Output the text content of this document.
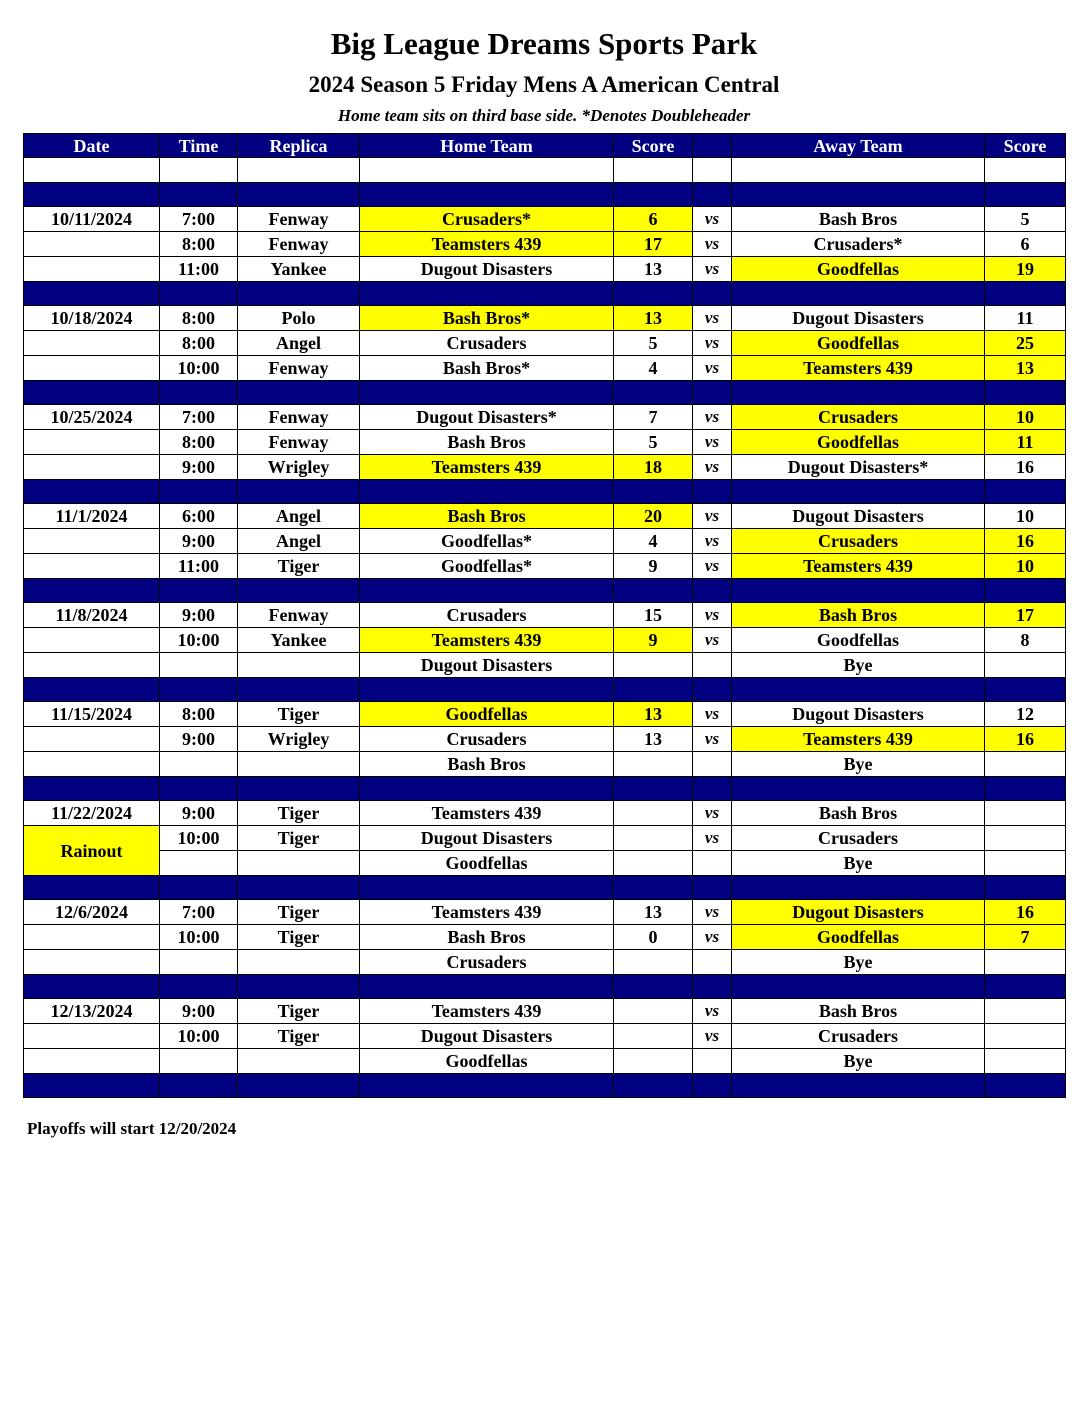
Big League Dreams Sports Park
2024 Season 5 Friday Mens A American Central
Home team sits on third base side. *Denotes Doubleheader
Date	Time	Replica	Home Team	Score		Away Team	Score

10/11/2024	7:00	Fenway	Crusaders*	6	vs	Bash Bros	5
	8:00	Fenway	Teamsters 439	17	vs	Crusaders*	6
	11:00	Yankee	Dugout Disasters	13	vs	Goodfellas	19

10/18/2024	8:00	Polo	Bash Bros*	13	vs	Dugout Disasters	11
	8:00	Angel	Crusaders	5	vs	Goodfellas	25
	10:00	Fenway	Bash Bros*	4	vs	Teamsters 439	13

10/25/2024	7:00	Fenway	Dugout Disasters*	7	vs	Crusaders	10
	8:00	Fenway	Bash Bros	5	vs	Goodfellas	11
	9:00	Wrigley	Teamsters 439	18	vs	Dugout Disasters*	16

11/1/2024	6:00	Angel	Bash Bros	20	vs	Dugout Disasters	10
	9:00	Angel	Goodfellas*	4	vs	Crusaders	16
	11:00	Tiger	Goodfellas*	9	vs	Teamsters 439	10

11/8/2024	9:00	Fenway	Crusaders	15	vs	Bash Bros	17
	10:00	Yankee	Teamsters 439	9	vs	Goodfellas	8
			Dugout Disasters			Bye	

11/15/2024	8:00	Tiger	Goodfellas	13	vs	Dugout Disasters	12
	9:00	Wrigley	Crusaders	13	vs	Teamsters 439	16
			Bash Bros			Bye	

11/22/2024	9:00	Tiger	Teamsters 439		vs	Bash Bros	
Rainout	10:00	Tiger	Dugout Disasters		vs	Crusaders	
			Goodfellas			Bye	

12/6/2024	7:00	Tiger	Teamsters 439	13	vs	Dugout Disasters	16
	10:00	Tiger	Bash Bros	0	vs	Goodfellas	7
			Crusaders			Bye	

12/13/2024	9:00	Tiger	Teamsters 439		vs	Bash Bros	
	10:00	Tiger	Dugout Disasters		vs	Crusaders	
			Goodfellas			Bye	

Playoffs will start 12/20/2024
